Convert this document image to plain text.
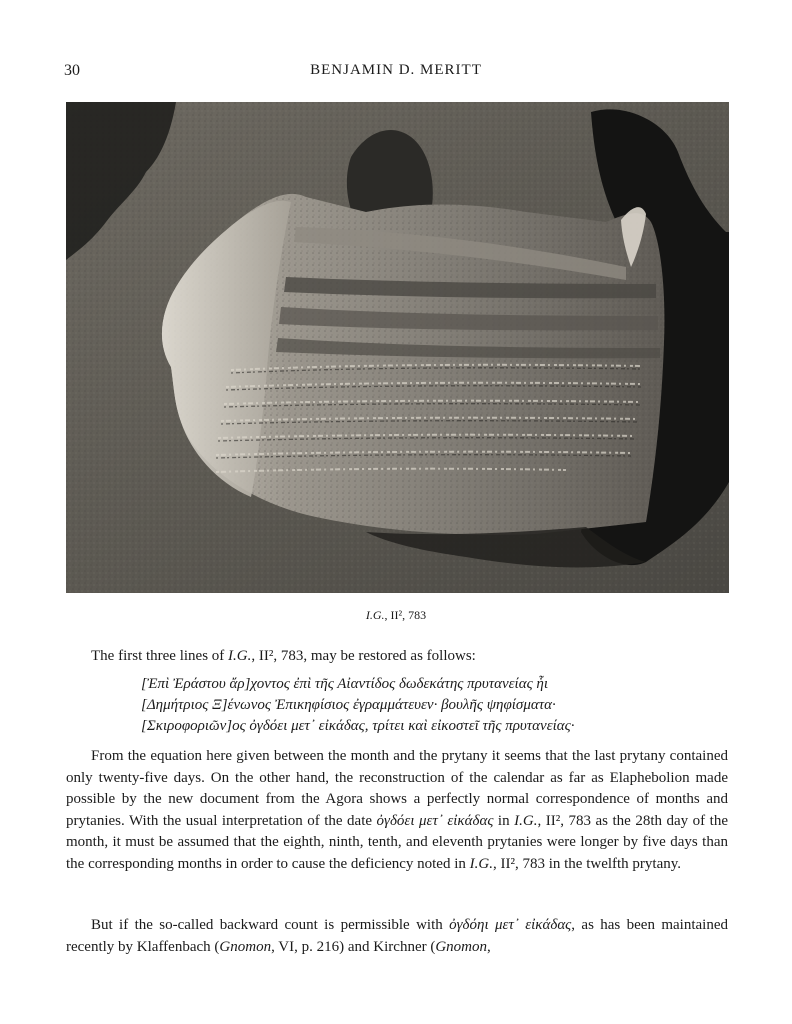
30	BENJAMIN D. MERITT
I.G., II², 783
The first three lines of I.G., II², 783, may be restored as follows:
[Ἐπὶ Ἐράστου ἄρ]χοντος ἐπὶ τῆς Αἰαντίδος δωδεκάτης πρυτανείας ἧι
[Δημήτριος Ξ]ένωνος Ἐπικηφίσιος ἐγραμμάτευεν· βουλῆς ψηφίσματα·
[Σκιροφοριῶν]ος ὀγδόει μετ᾽ εἰκάδας, τρίτει καὶ εἰκοστεῖ τῆς πρυτανείας·
From the equation here given between the month and the prytany it seems that the last prytany contained only twenty-five days. On the other hand, the reconstruction of the calendar as far as Elaphebolion made possible by the new document from the Agora shows a perfectly normal correspondence of months and prytanies. With the usual interpretation of the date ὀγδόει μετ᾽ εἰκάδας in I.G., II², 783 as the 28th day of the month, it must be assumed that the eighth, ninth, tenth, and eleventh prytanies were longer by five days than the corresponding months in order to cause the deficiency noted in I.G., II², 783 in the twelfth prytany.
But if the so-called backward count is permissible with ὀγδόηι μετ᾽ εἰκάδας, as has been maintained recently by Klaffenbach (Gnomon, VI, p. 216) and Kirchner (Gnomon,
